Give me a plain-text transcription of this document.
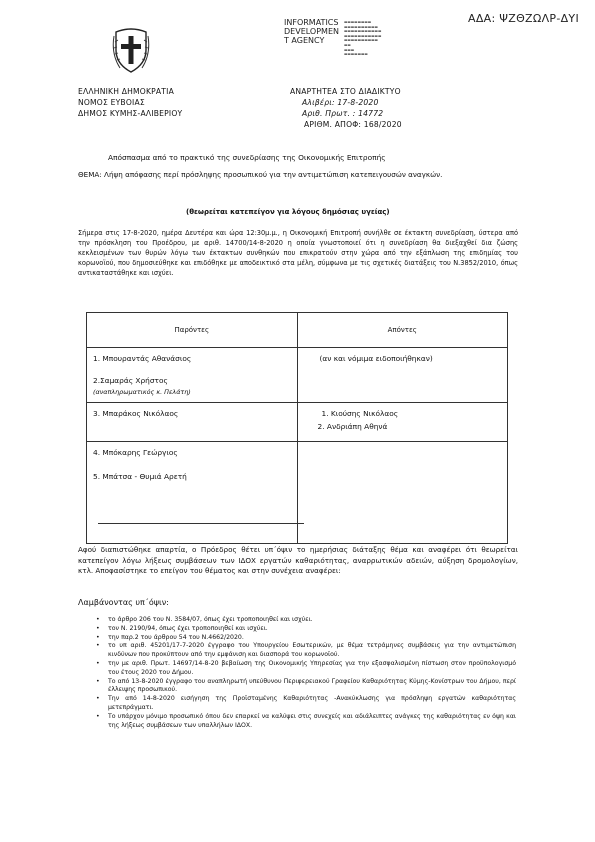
ΑΔΑ: ΨΖΘΖΩΛΡ-ΔΥΙ
INFORMATICS
DEVELOPMEN
T AGENCY
▬▬▬▬▬▬▬▬
▬▬▬▬▬▬▬▬▬▬
▬▬▬▬▬▬▬▬▬▬▬
▬▬▬▬▬▬▬▬▬▬▬
▬▬▬▬▬▬▬▬▬▬
▬▬
▬▬▬
▬▬▬▬▬▬▬
ΕΛΛΗΝΙΚΗ ΔΗΜΟΚΡΑΤΙΑ
ΝΟΜΟΣ ΕΥΒΟΙΑΣ
ΔΗΜΟΣ ΚΥΜΗΣ-ΑΛΙΒΕΡΙΟΥ
ΑΝΑΡΤΗΤΕΑ ΣΤΟ ΔΙΑΔΙΚΤΥΟ
Αλιβέρι: 17-8-2020
Αριθ. Πρωτ. : 14772
ΑΡΙΘΜ. ΑΠΟΦ: 168/2020
Απόσπασμα από το πρακτικό της συνεδρίασης της Οικονομικής Επιτροπής
ΘΕΜΑ: Λήψη απόφασης περί πρόσληψης προσωπικού για την αντιμετώπιση κατεπειγουσών αναγκών.
(θεωρείται κατεπείγον για λόγους δημόσιας υγείας)
Σήμερα στις 17-8-2020, ημέρα Δευτέρα και ώρα 12:30μ.μ., η Οικονομική Επιτροπή συνήλθε σε έκτακτη συνεδρίαση, ύστερα από την πρόσκληση του Προέδρου, με αριθ. 14700/14-8-2020 η οποία γνωστοποιεί ότι η συνεδρίαση θα διεξαχθεί δια ζώσης κεκλεισμένων των θυρών λόγω των έκτακτων συνθηκών που επικρατούν στην χώρα από την εξάπλωση της επιδημίας του κορωνοϊού, που δημοσιεύθηκε και επιδόθηκε με αποδεικτικό στα μέλη, σύμφωνα με τις σχετικές διατάξεις του Ν.3852/2010, όπως αντικαταστάθηκε και ισχύει.
Παρόντες	Απόντες

1. Μπουραντάς Αθανάσιος
2.Σαμαράς Χρήστος
(αναπληρωματικός κ. Πελάτη)	(αν και νόμιμα ειδοποιήθηκαν)

3. Μπαράκος Νικόλαος	1. Κιούσης Νικόλαος
2. Ανδριάπη Αθηνά

4. Μπόκαρης Γεώργιος
5. Μπάτσα - Θυμιά Αρετή	

Αφού διαπιστώθηκε απαρτία, ο Πρόεδρος θέτει υπ΄όψιν το ημερήσιας διάταξης θέμα και αναφέρει ότι θεωρείται κατεπείγον λόγω λήξεως συμβάσεων των ΙΔΟΧ εργατών καθαριότητας, αναρρωτικών αδειών, αύξηση δρομολογίων, κτλ. Αποφασίστηκε το επείγον του θέματος και στην συνέχεια αναφέρει:
Λαμβάνοντας υπ΄όψιν:
• το άρθρο 206 του Ν. 3584/07, όπως έχει τροποποιηθεί και ισχύει.
• τον Ν. 2190/94, όπως έχει τροποποιηθεί και ισχύει.
• την παρ.2 του άρθρου 54 του Ν.4662/2020.
• το υπ αριθ. 45201/17-7-2020 έγγραφο του Υπουργείου Εσωτερικών, με θέμα τετράμηνες συμβάσεις για την αντιμετώπιση κινδύνων που προκύπτουν από την εμφάνιση και διασπορά του κορωνοϊού.
• την με αριθ. Πρωτ. 14697/14-8-20 βεβαίωση της Οικονομικής Υπηρεσίας για την εξασφαλισμένη πίστωση στον προϋπολογισμό του έτους 2020 του Δήμου.
• Το από 13-8-2020 έγγραφο του αναπληρωτή υπεύθυνου Περιφερειακού Γραφείου Καθαριότητας Κύμης-Κονίστρων του Δήμου, περί έλλειψης προσωπικού.
• Την από 14-8-2020 εισήγηση της Προϊσταμένης Καθαριότητας -Ανακύκλωσης για πρόσληψη εργατών καθαριότητας μετεπράγματι.
• Το υπάρχον μόνιμο προσωπικό όπου δεν επαρκεί να καλύψει στις συνεχείς και αδιάλειπτες ανάγκες της καθαριότητας εν όψη και της λήξεως συμβάσεων των υπαλλήλων ΙΔΟΧ.
